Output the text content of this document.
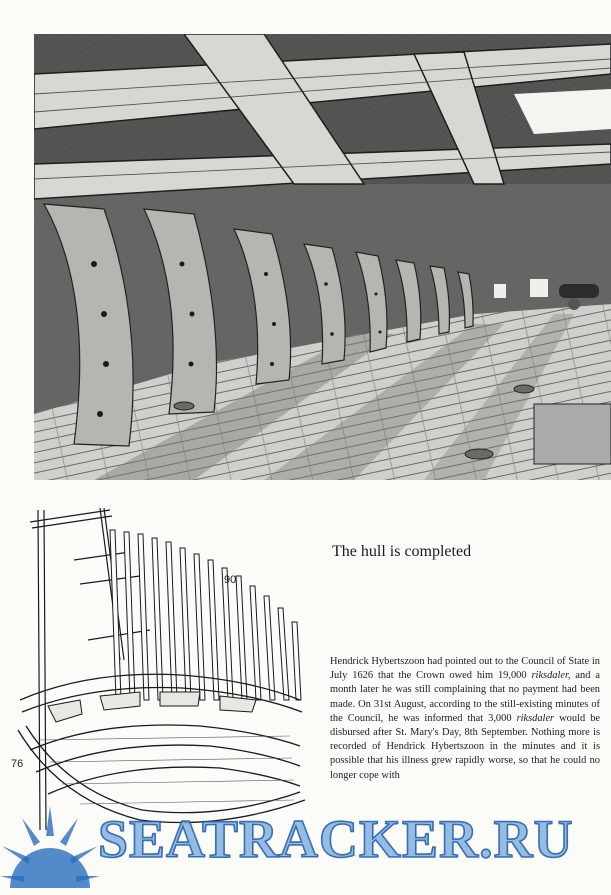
90
76
The hull is completed

Hendrick Hybertszoon had pointed out to the Council of State in July 1626 that the Crown owed him 19,000 riksdaler, and a month later he was still complaining that no payment had been made. On 31st August, according to the still-existing minutes of the Council, he was informed that 3,000 riksdaler would be disbursed after St. Mary's Day, 8th September. Nothing more is recorded of Hendrick Hybertszoon in the minutes and it is possible that his illness grew rapidly worse, so that he could no longer cope with

SEATRACKER.RU
